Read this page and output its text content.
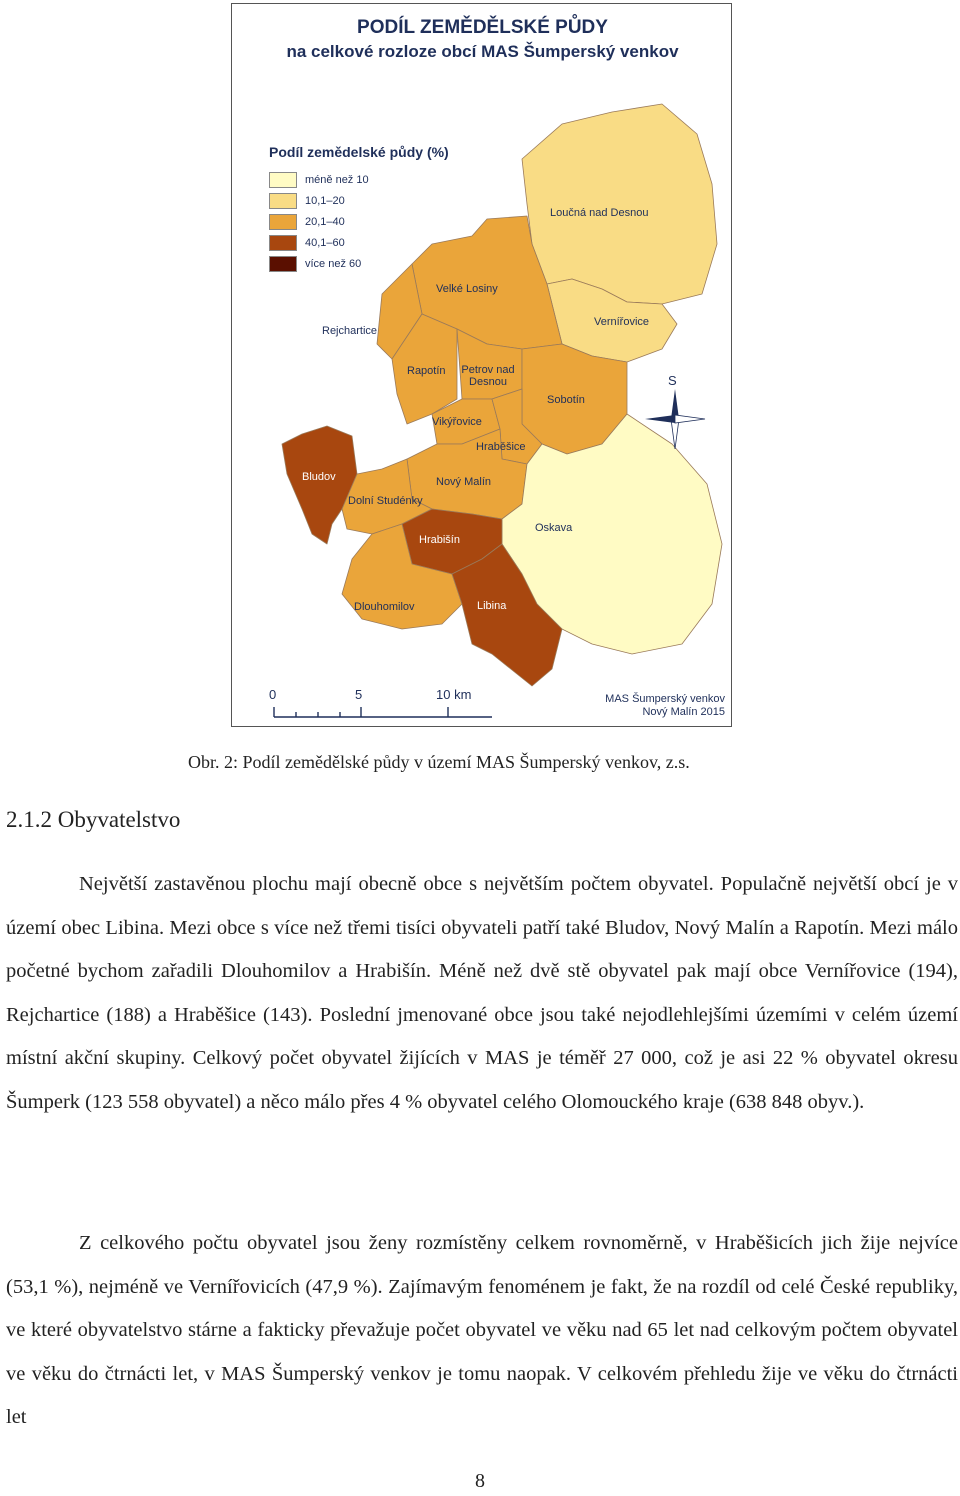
PODÍL ZEMĚDĚLSKÉ PŮDY
na celkové rozloze obcí MAS Šumperský venkov
Podíl zemědelské půdy (%)
méně než 10
10,1–20
20,1–40
40,1–60
více než 60
Loučná nad Desnou
Velké Losiny
Rejchartice
Vernířovice
Rapotín	Petrov nad Desnou
Sobotín
Vikýřovice
Hraběšice
Bludov
Dolní Studénky
Nový Malín
Oskava
Hrabišín
Dlouhomilov	Libina
S
0	5	10 km	MAS Šumperský venkov
Nový Malín 2015
Obr. 2: Podíl zemědělské půdy v území MAS Šumperský venkov, z.s.
2.1.2 Obyvatelstvo

Největší zastavěnou plochu mají obecně obce s největším počtem obyvatel. Populačně největší obcí je v území obec Libina. Mezi obce s více než třemi tisíci obyvateli patří také Bludov, Nový Malín a Rapotín. Mezi málo početné bychom zařadili Dlouhomilov a Hrabišín. Méně než dvě stě obyvatel pak mají obce Vernířovice (194), Rejchartice (188) a Hraběšice (143). Poslední jmenované obce jsou také nejodlehlejšími územími v celém území místní akční skupiny. Celkový počet obyvatel žijících v MAS je téměř 27 000, což je asi 22 % obyvatel okresu Šumperk (123 558 obyvatel) a něco málo přes 4 % obyvatel celého Olomouckého kraje (638 848 obyv.).

Z celkového počtu obyvatel jsou ženy rozmístěny celkem rovnoměrně, v Hraběšicích jich žije nejvíce (53,1 %), nejméně ve Vernířovicích (47,9 %). Zajímavým fenoménem je fakt, že na rozdíl od celé České republiky, ve které obyvatelstvo stárne a fakticky převažuje počet obyvatel ve věku nad 65 let nad celkovým počtem obyvatel ve věku do čtrnácti let, v MAS Šumperský venkov je tomu naopak. V celkovém přehledu žije ve věku do čtrnácti let

8
